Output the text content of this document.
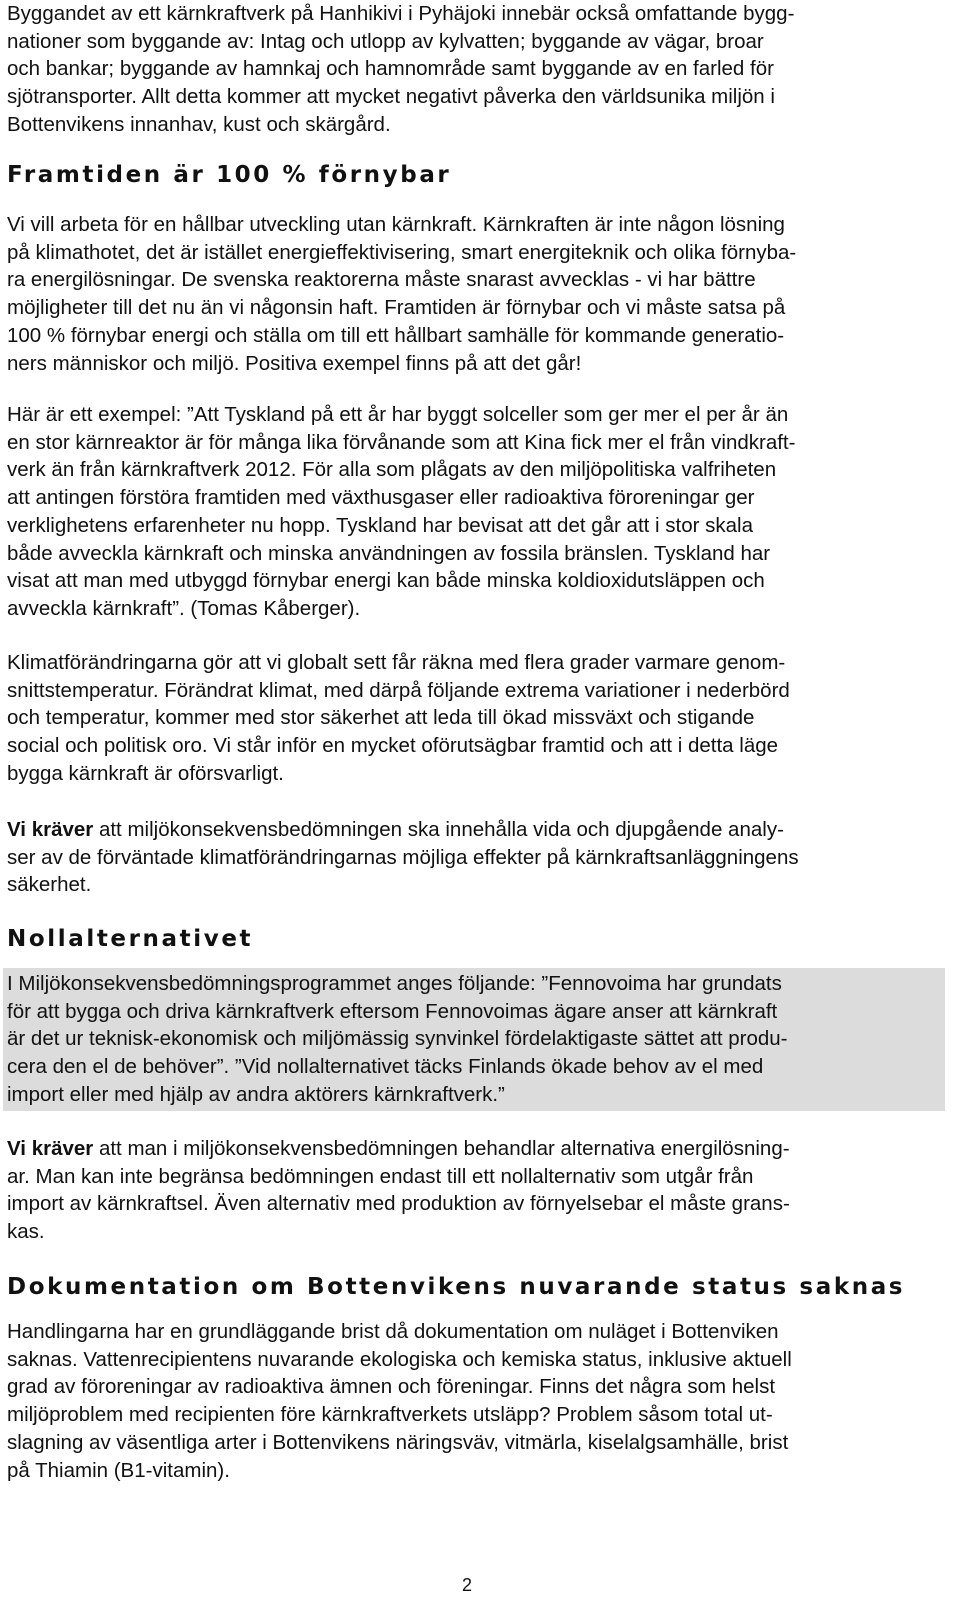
Byggandet av ett kärnkraftverk på Hanhikivi i Pyhäjoki innebär också omfattande bygg-
nationer som byggande av: Intag och utlopp av kylvatten; byggande av vägar, broar
och bankar; byggande av hamnkaj och hamnområde samt byggande av en farled för
sjötransporter. Allt detta kommer att mycket negativt påverka den världsunika miljön i
Bottenvikens innanhav, kust och skärgård.
Framtiden är 100 % förnybar
Vi vill arbeta för en hållbar utveckling utan kärnkraft. Kärnkraften är inte någon lösning
på klimathotet, det är istället energieffektivisering, smart energiteknik och olika förnyba-
ra energilösningar. De svenska reaktorerna måste snarast avvecklas - vi har bättre
möjligheter till det nu än vi någonsin haft. Framtiden är förnybar och vi måste satsa på
100 % förnybar energi och ställa om till ett hållbart samhälle för kommande generatio-
ners människor och miljö. Positiva exempel finns på att det går!
Här är ett exempel: ”Att Tyskland på ett år har byggt solceller som ger mer el per år än
en stor kärnreaktor är för många lika förvånande som att Kina fick mer el från vindkraft-
verk än från kärnkraftverk 2012. För alla som plågats av den miljöpolitiska valfriheten
att antingen förstöra framtiden med växthusgaser eller radioaktiva föroreningar ger
verklighetens erfarenheter nu hopp. Tyskland har bevisat att det går att i stor skala
både avveckla kärnkraft och minska användningen av fossila bränslen. Tyskland har
visat att man med utbyggd förnybar energi kan både minska koldioxidutsläppen och
avveckla kärnkraft”. (Tomas Kåberger).
Klimatförändringarna gör att vi globalt sett får räkna med flera grader varmare genom-
snittstemperatur. Förändrat klimat, med därpå följande extrema variationer i nederbörd
och temperatur, kommer med stor säkerhet att leda till ökad missväxt och stigande
social och politisk oro. Vi står inför en mycket oförutsägbar framtid och att i detta läge
bygga kärnkraft är oförsvarligt.
Vi kräver att miljökonsekvensbedömningen ska innehålla vida och djupgående analy-
ser av de förväntade klimatförändringarnas möjliga effekter på kärnkraftsanläggningens
säkerhet.
Nollalternativet
I Miljökonsekvensbedömningsprogrammet anges följande: ”Fennovoima har grundats
för att bygga och driva kärnkraftverk eftersom Fennovoimas ägare anser att kärnkraft
är det ur teknisk-ekonomisk och miljömässig synvinkel fördelaktigaste sättet att produ-
cera den el de behöver”. ”Vid nollalternativet täcks Finlands ökade behov av el med
import eller med hjälp av andra aktörers kärnkraftverk.”
Vi kräver att man i miljökonsekvensbedömningen behandlar alternativa energilösning-
ar. Man kan inte begränsa bedömningen endast till ett nollalternativ som utgår från
import av kärnkraftsel. Även alternativ med produktion av förnyelsebar el måste grans-
kas.
Dokumentation om Bottenvikens nuvarande status saknas
Handlingarna har en grundläggande brist då dokumentation om nuläget i Bottenviken
saknas. Vattenrecipientens nuvarande ekologiska och kemiska status, inklusive aktuell
grad av föroreningar av radioaktiva ämnen och föreningar. Finns det några som helst
miljöproblem med recipienten före kärnkraftverkets utsläpp? Problem såsom total ut-
slagning av väsentliga arter i Bottenvikens näringsväv, vitmärla, kiselalgsamhälle, brist
på Thiamin (B1-vitamin).
2
